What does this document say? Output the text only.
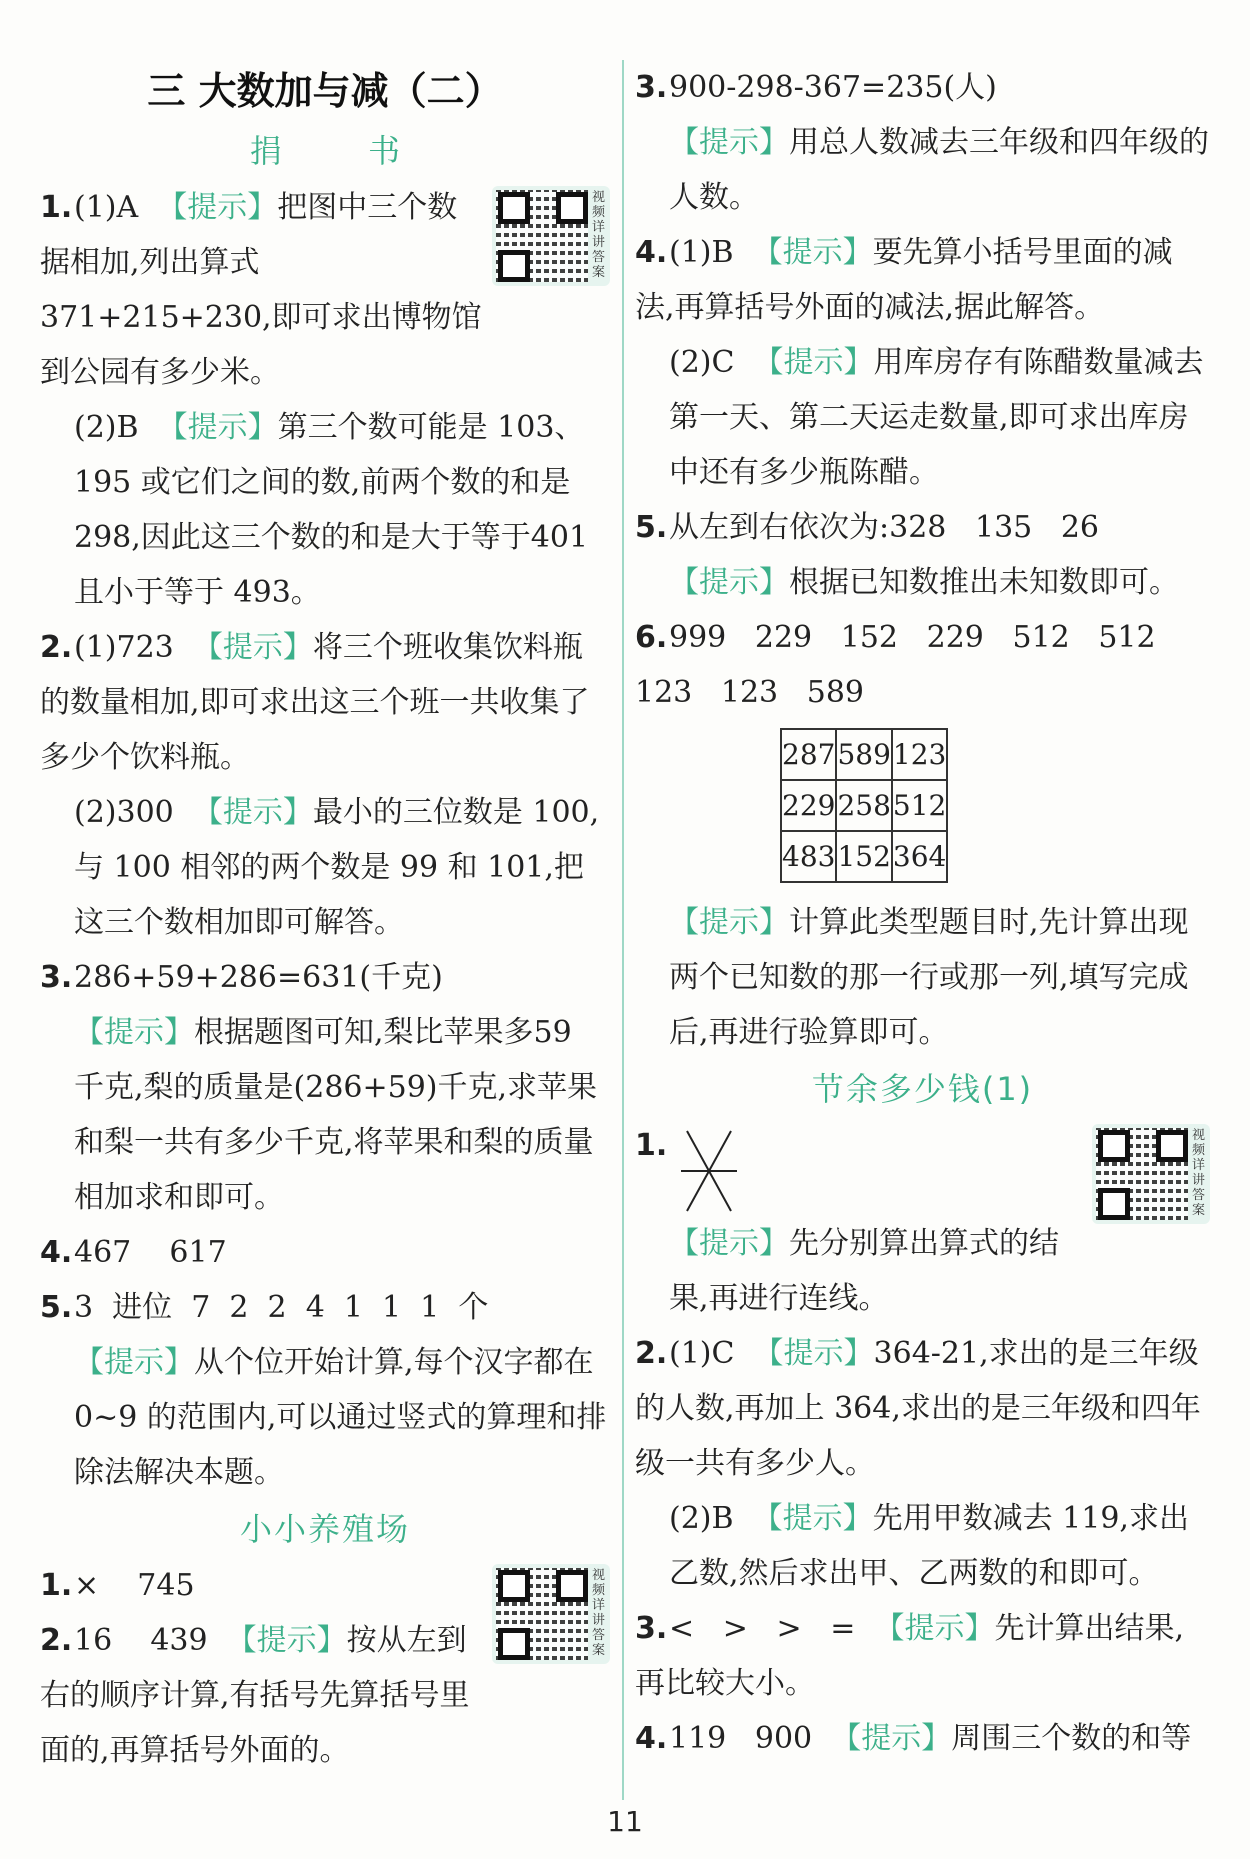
三 大数加与减（二）
捐 书
视频详讲答案
1.(1)A 【提示】把图中三个数据相加,列出算式 371+215+230,即可求出博物馆到公园有多少米。
(2)B 【提示】第三个数可能是 103、195 或它们之间的数,前两个数的和是298,因此这三个数的和是大于等于401 且小于等于 493。
2.(1)723 【提示】将三个班收集饮料瓶的数量相加,即可求出这三个班一共收集了多少个饮料瓶。
(2)300 【提示】最小的三位数是 100,与 100 相邻的两个数是 99 和 101,把这三个数相加即可解答。
3.286+59+286=631(千克)
【提示】根据题图可知,梨比苹果多59 千克,梨的质量是(286+59)千克,求苹果和梨一共有多少千克,将苹果和梨的质量相加求和即可。
4.467    617
5.3  进位  7  2  2  4  1  1  1  个
【提示】从个位开始计算,每个汉字都在0~9 的范围内,可以通过竖式的算理和排除法解决本题。
小小养殖场
视频详讲答案
1.×    745
2.16    439 【提示】按从左到右的顺序计算,有括号先算括号里面的,再算括号外面的。
3.900-298-367=235(人)
【提示】用总人数减去三年级和四年级的人数。
4.(1)B 【提示】要先算小括号里面的减法,再算括号外面的减法,据此解答。
(2)C 【提示】用库房存有陈醋数量减去第一天、第二天运走数量,即可求出库房中还有多少瓶陈醋。
5.从左到右依次为:328   135   26
【提示】根据已知数推出未知数即可。
6.999   229   152   229   512   512   123   123   589
287	589	123
229	258	512
483	152	364
【提示】计算此类型题目时,先计算出现两个已知数的那一行或那一列,填写完成后,再进行验算即可。
节余多少钱(1)
视频详讲答案
1.
【提示】先分别算出算式的结果,再进行连线。
2.(1)C 【提示】364-21,求出的是三年级的人数,再加上 364,求出的是三年级和四年级一共有多少人。
(2)B 【提示】先用甲数减去 119,求出乙数,然后求出甲、乙两数的和即可。
3.<   >   >   = 【提示】先计算出结果,再比较大小。
4.119   900 【提示】周围三个数的和等
11
